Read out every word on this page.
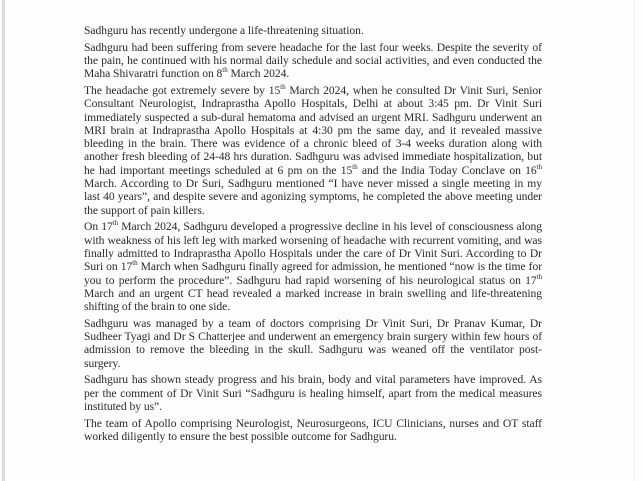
Sadhguru has recently undergone a life-threatening situation.

Sadhguru had been suffering from severe headache for the last four weeks. Despite the severity of the pain, he continued with his normal daily schedule and social activities, and even conducted the Maha Shivaratri function on 8th March 2024.

The headache got extremely severe by 15th March 2024, when he consulted Dr Vinit Suri, Senior Consultant Neurologist, Indraprastha Apollo Hospitals, Delhi at about 3:45 pm. Dr Vinit Suri immediately suspected a sub-dural hematoma and advised an urgent MRI. Sadhguru underwent an MRI brain at Indraprastha Apollo Hospitals at 4:30 pm the same day, and it revealed massive bleeding in the brain. There was evidence of a chronic bleed of 3-4 weeks duration along with another fresh bleeding of 24-48 hrs duration. Sadhguru was advised immediate hospitalization, but he had important meetings scheduled at 6 pm on the 15th and the India Today Conclave on 16th March. According to Dr Suri, Sadhguru mentioned “I have never missed a single meeting in my last 40 years”, and despite severe and agonizing symptoms, he completed the above meeting under the support of pain killers.

On 17th March 2024, Sadhguru developed a progressive decline in his level of consciousness along with weakness of his left leg with marked worsening of headache with recurrent vomiting, and was finally admitted to Indraprastha Apollo Hospitals under the care of Dr Vinit Suri. According to Dr Suri on 17th March when Sadhguru finally agreed for admission, he mentioned “now is the time for you to perform the procedure”. Sadhguru had rapid worsening of his neurological status on 17th March and an urgent CT head revealed a marked increase in brain swelling and life-threatening shifting of the brain to one side.

Sadhguru was managed by a team of doctors comprising Dr Vinit Suri, Dr Pranav Kumar, Dr Sudheer Tyagi and Dr S Chatterjee and underwent an emergency brain surgery within few hours of admission to remove the bleeding in the skull. Sadhguru was weaned off the ventilator post-surgery.

Sadhguru has shown steady progress and his brain, body and vital parameters have improved. As per the comment of Dr Vinit Suri “Sadhguru is healing himself, apart from the medical measures instituted by us”.

The team of Apollo comprising Neurologist, Neurosurgeons, ICU Clinicians, nurses and OT staff worked diligently to ensure the best possible outcome for Sadhguru.
